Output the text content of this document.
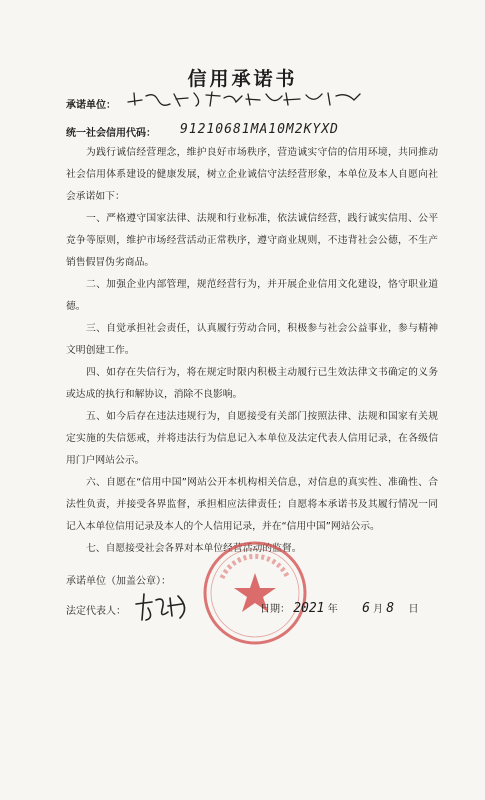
信用承诺书
承诺单位：
统一社会信用代码： 91210681MA10M2KYXD
为践行诚信经营理念，维护良好市场秩序，营造诚实守信的信用环境，共同推动社会信用体系建设的健康发展，树立企业诚信守法经营形象，本单位及本人自愿向社会承诺如下：
一、严格遵守国家法律、法规和行业标准，依法诚信经营，践行诚实信用、公平竞争等原则，维护市场经营活动正常秩序，遵守商业规则，不违背社会公德，不生产销售假冒伪劣商品。
二、加强企业内部管理，规范经营行为，并开展企业信用文化建设，恪守职业道德。
三、自觉承担社会责任，认真履行劳动合同，积极参与社会公益事业，参与精神文明创建工作。
四、如存在失信行为，将在规定时限内积极主动履行已生效法律文书确定的义务或达成的执行和解协议，消除不良影响。
五、如今后存在违法违规行为，自愿接受有关部门按照法律、法规和国家有关规定实施的失信惩戒，并将违法行为信息记入本单位及法定代表人信用记录，在各级信用门户网站公示。
六、自愿在“信用中国”网站公开本机构相关信息，对信息的真实性、准确性、合法性负责，并接受各界监督，承担相应法律责任；自愿将本承诺书及其履行情况一同记入本单位信用记录及本人的个人信用记录，并在“信用中国”网站公示。
七、自愿接受社会各界对本单位经营活动的监督。
承诺单位（加盖公章）：
法定代表人：	日期： 2021 年 6 月 8 日
